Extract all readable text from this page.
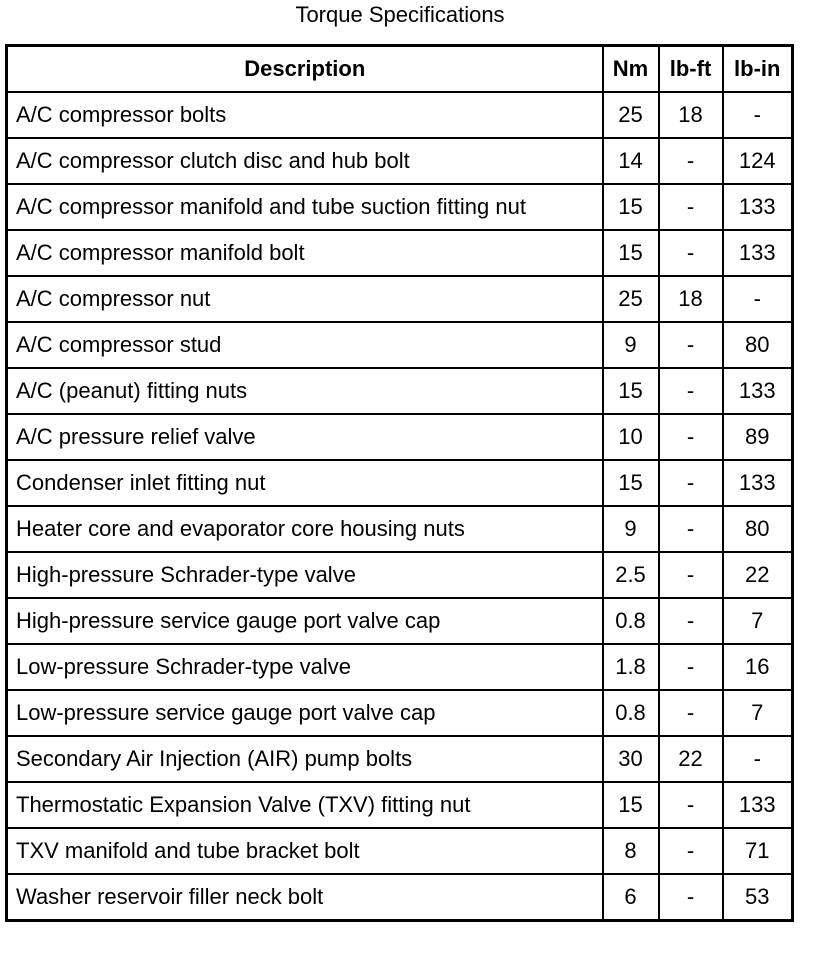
Torque Specifications
Description	Nm	lb-ft	lb-in
A/C compressor bolts	25	18	-
A/C compressor clutch disc and hub bolt	14	-	124
A/C compressor manifold and tube suction fitting nut	15	-	133
A/C compressor manifold bolt	15	-	133
A/C compressor nut	25	18	-
A/C compressor stud	9	-	80
A/C (peanut) fitting nuts	15	-	133
A/C pressure relief valve	10	-	89
Condenser inlet fitting nut	15	-	133
Heater core and evaporator core housing nuts	9	-	80
High-pressure Schrader-type valve	2.5	-	22
High-pressure service gauge port valve cap	0.8	-	7
Low-pressure Schrader-type valve	1.8	-	16
Low-pressure service gauge port valve cap	0.8	-	7
Secondary Air Injection (AIR) pump bolts	30	22	-
Thermostatic Expansion Valve (TXV) fitting nut	15	-	133
TXV manifold and tube bracket bolt	8	-	71
Washer reservoir filler neck bolt	6	-	53
